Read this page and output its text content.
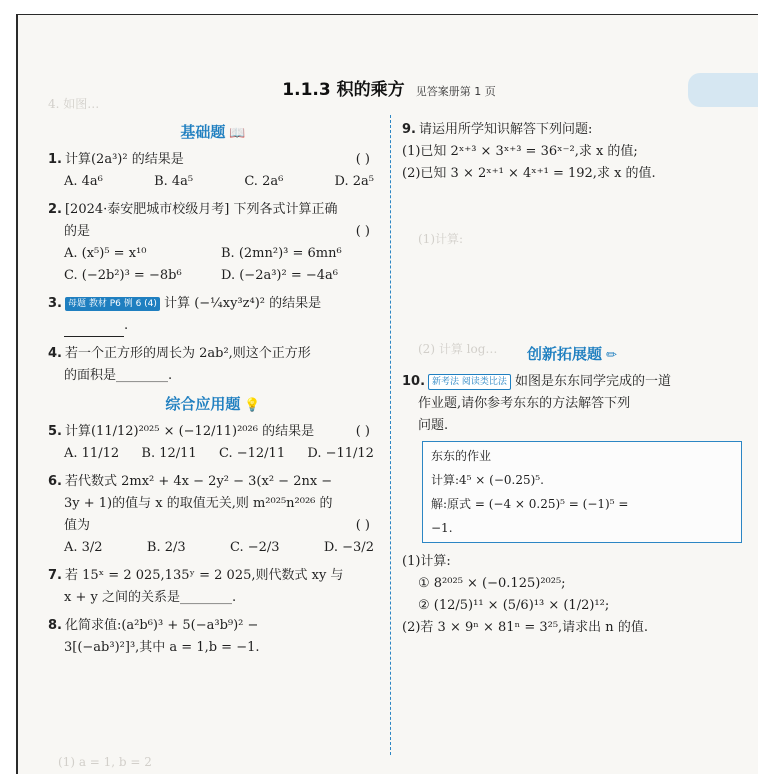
4. 如图…
(1)计算:
(2) 计算 log…
(1) a = 1, b = 2
1.1.3 积的乘方 见答案册第 1 页
基础题 📖
1. 计算(2a³)² 的结果是	( )
A. 4a⁶	B. 4a⁵	C. 2a⁶	D. 2a⁵
2. [2024·泰安肥城市校级月考] 下列各式计算正确
的是	( )
A. (x⁵)⁵ = x¹⁰	B. (2mn²)³ = 6mn⁶
C. (−2b²)³ = −8b⁶	D. (−2a³)² = −4a⁶
3. 母题 教材 P6 例 6 (4) 计算 (−¼xy³z⁴)² 的结果是
.
4. 若一个正方形的周长为 2ab²,则这个正方形
的面积是________.
综合应用题 💡
5. 计算(11/12)²⁰²⁵ × (−12/11)²⁰²⁶ 的结果是	( )
A. 11/12 B. 12/11 C. −12/11 D. −11/12
6. 若代数式 2mx² + 4x − 2y² − 3(x² − 2nx −
3y + 1)的值与 x 的取值无关,则 m²⁰²⁵n²⁰²⁶ 的
值为	( )
A. 3/2	B. 2/3	C. −2/3	D. −3/2
7. 若 15ˣ = 2 025,135ʸ = 2 025,则代数式 xy 与
x + y 之间的关系是________.
8. 化简求值:(a²b⁶)³ + 5(−a³b⁹)² −
3[(−ab³)²]³,其中 a = 1,b = −1.
9. 请运用所学知识解答下列问题:
(1)已知 2ˣ⁺³ × 3ˣ⁺³ = 36ˣ⁻²,求 x 的值;
(2)已知 3 × 2ˣ⁺¹ × 4ˣ⁺¹ = 192,求 x 的值.
创新拓展题 ✏
10. 新考法 阅读类比法 如图是东东同学完成的一道
作业题,请你参考东东的方法解答下列
问题.
东东的作业
计算:4⁵ × (−0.25)⁵.
解:原式 = (−4 × 0.25)⁵ = (−1)⁵ =
−1.
(1)计算:
① 8²⁰²⁵ × (−0.125)²⁰²⁵;
② (12/5)¹¹ × (5/6)¹³ × (1/2)¹²;
(2)若 3 × 9ⁿ × 81ⁿ = 3²⁵,请求出 n 的值.
